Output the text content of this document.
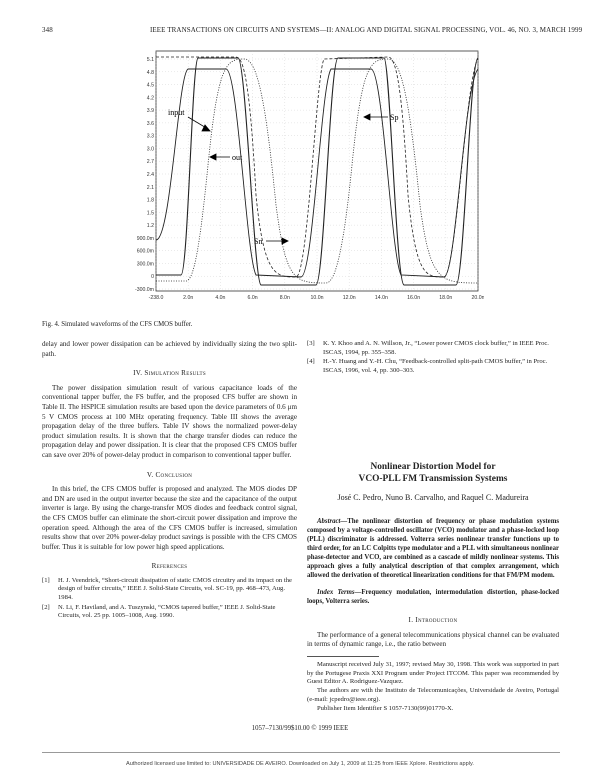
348	IEEE TRANSACTIONS ON CIRCUITS AND SYSTEMS—II: ANALOG AND DIGITAL SIGNAL PROCESSING, VOL. 46, NO. 3, MARCH 1999
5.1
4.8
4.5
4.2
3.9
3.6
3.3
3.0
2.7
2.4
2.1
1.8
1.5
1.2
900.0m
600.0m
300.0m
0
-300.0m
-238.0	2.0n	4.0n	6.0n	8.0n	10.0n	12.0n	14.0n	16.0n	18.0n	20.0n
input
out
Sp
Sn
Fig. 4. Simulated waveforms of the CFS CMOS buffer.

delay and lower power dissipation can be achieved by individually sizing the two split-path.

IV. Simulation Results

The power dissipation simulation result of various capacitance loads of the conventional tapper buffer, the FS buffer, and the proposed CFS buffer are shown in Table II. The HSPICE simulation results are based upon the device parameters of 0.6 μm 5 V CMOS process at 100 MHz operating frequency. Table III shows the average propagation delay of the three buffers. Table IV shows the normalized power-delay product simulation results. It is shown that the charge transfer diodes can reduce the propagation delay and power dissipation. It is clear that the proposed CFS CMOS buffer can save over 20% of power-delay product in comparison to conventional tapper buffer.

V. Conclusion

In this brief, the CFS CMOS buffer is proposed and analyzed. The MOS diodes DP and DN are used in the output inverter because the size and the capacitance of the output inverter is large. By using the charge-transfer MOS diodes and feedback control signal, the CFS CMOS buffer can eliminate the short-circuit power dissipation and improve the operation speed. Although the area of the CFS CMOS buffer is increased, simulation results show that over 20% power-delay product savings is possible with the CFS CMOS buffer. Thus it is suitable for low power high speed applications.

References
[1]	H. J. Veendrick, “Short-circuit dissipation of static CMOS circuitry and its impact on the design of buffer circuits,” IEEE J. Solid-State Circuits, vol. SC-19, pp. 468–473, Aug. 1984.
[2]	N. Li, F. Haviland, and A. Tuszynski, “CMOS tapered buffer,” IEEE J. Solid-State Circuits, vol. 25 pp. 1005–1008, Aug. 1990.
[3]	K. Y. Khoo and A. N. Willson, Jr., “Lower power CMOS clock buffer,” in IEEE Proc. ISCAS, 1994, pp. 355–358.
[4]	H.-Y. Huang and Y.-H. Chu, “Feedback-controlled split-path CMOS buffer,” in Proc. ISCAS, 1996, vol. 4, pp. 300–303.
Nonlinear Distortion Model for
VCO-PLL FM Transmission Systems
José C. Pedro, Nuno B. Carvalho, and Raquel C. Madureira

Abstract—The nonlinear distortion of frequency or phase modulation systems composed by a voltage-controlled oscillator (VCO) modulator and a phase-locked loop (PLL) discriminator is addressed. Volterra series nonlinear transfer functions up to third order, for an LC Colpitts type modulator and a PLL with simultaneous nonlinear phase-detector and VCO, are combined as a cascade of mildly nonlinear systems. This approach gives a fully analytical description of that complex arrangement, which allowed the derivation of theoretical linearization conditions for that FM/PM modem.

Index Terms—Frequency modulation, intermodulation distortion, phase-locked loops, Volterra series.

I. Introduction

The performance of a general telecommunications physical channel can be evaluated in terms of dynamic range, i.e., the ratio between

Manuscript received July 31, 1997; revised May 30, 1998. This work was supported in part by the Portugese Praxis XXI Program under Project ITCOM. This paper was recommended by Guest Editor A. Rodriguez-Vazquez.

The authors are with the Instituto de Telecomunicações, Universidade de Aveiro, Portugal (e-mail: jcpedro@ieee.org).

Publisher Item Identifier S 1057-7130(99)01770-X.

1057–7130/99$10.00 © 1999 IEEE
Authorized licensed use limited to: UNIVERSIDADE DE AVEIRO. Downloaded on July 1, 2009 at 11:25 from IEEE Xplore. Restrictions apply.
